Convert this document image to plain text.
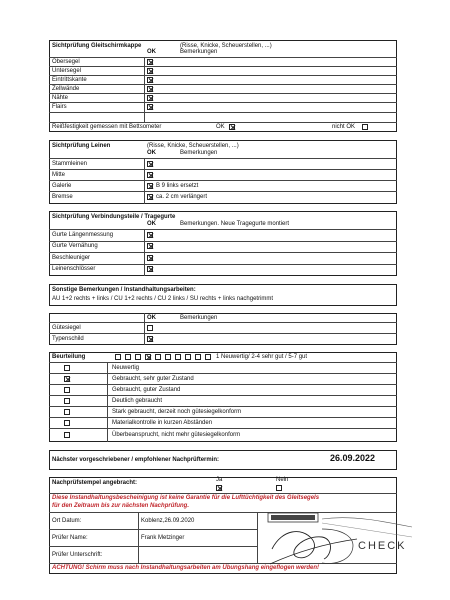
Sichtprüfung Gleitschirmkappe	(Risse, Knicke, Scheuerstellen, ...)
OK	Bemerkungen
Obersegel
Untersegel
Eintrittskante
Zellwände
Nähte
Flairs
Reißfestigkeit gemessen mit Bettsometer	OK	nicht OK
Sichtprüfung Leinen	(Risse, Knicke, Scheuerstellen, ...)
OK	Bemerkungen
Stammleinen
Mitte
Galerie	B 9 links ersetzt
Bremse	ca. 2 cm verlängert
Sichtprüfung Verbindungsteile / Tragegurte
OK	Bemerkungen. Neue Tragegurte montiert
Gurte Längenmessung
Gurte Vernähung
Beschleuniger
Leinenschlösser
Sonstige Bemerkungen / Instandhaltungsarbeiten:
AU 1+2 rechts + links / CU 1+2 rechts / CU 2 links / SU rechts + links nachgetrimmt
OK	Bemerkungen
Gütesiegel
Typenschild
Beurteilung	1 Neuwertig/ 2-4 sehr gut / 5-7 gut
Neuwertig
Gebraucht, sehr guter Zustand
Gebraucht, guter Zustand
Deutlich gebraucht
Stark gebraucht, derzeit noch gütesiegelkonform
Materialkontrolle in kurzen Abständen
Überbeansprucht, nicht mehr gütesiegelkonform
Nächster vorgeschriebener / empfohlener Nachprüftermin:	26.09.2022
Nachprüfstempel angebracht:	Ja	Nein
Diese Instandhaltungsbescheinigung ist keine Garantie für die Lufttüchtigkeit des Gleitsegels
für den Zeitraum bis zur nächsten Nachprüfung.
Ort Datum:	Koblenz,26.09.2020
Prüfer Name:	Frank Metzinger
Prüfer Unterschrift:
ACHTUNG! Schirm muss nach Instandhaltungsarbeiten am Übungshang eingeflogen werden!
CHECK
